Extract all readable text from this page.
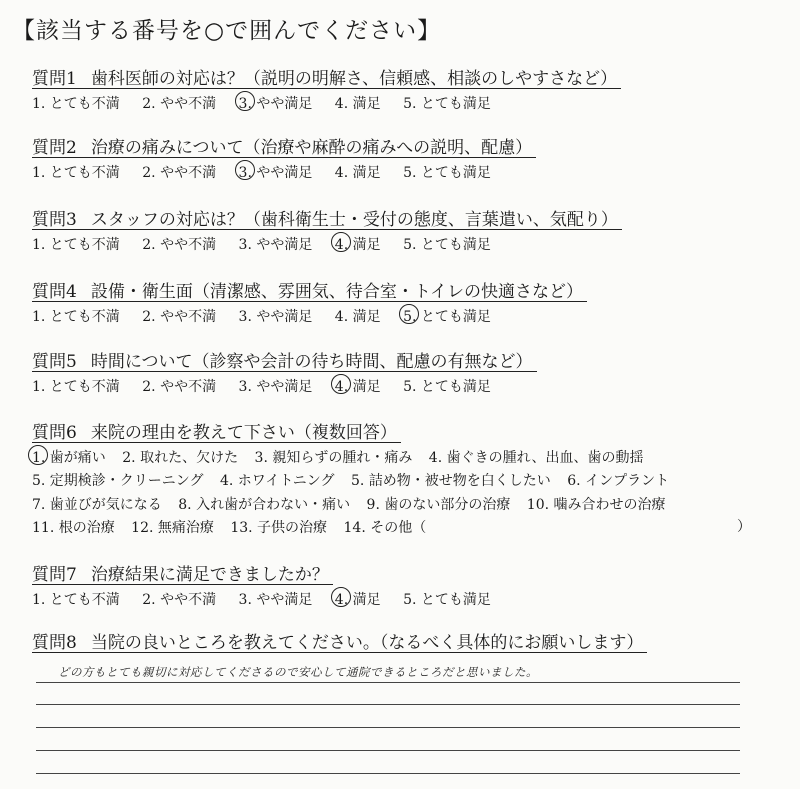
【該当する番号を○で囲んでください】
質問1 歯科医師の対応は？（説明の明解さ、信頼感、相談のしやすさなど）
1. とても不満 2. やや不満 3. やや満足 4. 満足 5. とても満足
質問2 治療の痛みについて（治療や麻酔の痛みへの説明、配慮）
1. とても不満 2. やや不満 3. やや満足 4. 満足 5. とても満足
質問3 スタッフの対応は？（歯科衛生士・受付の態度、言葉遣い、気配り）
1. とても不満 2. やや不満 3. やや満足 4. 満足 5. とても満足
質問4 設備・衛生面（清潔感、雰囲気、待合室・トイレの快適さなど）
1. とても不満 2. やや不満 3. やや満足 4. 満足 5. とても満足
質問5 時間について（診察や会計の待ち時間、配慮の有無など）
1. とても不満 2. やや不満 3. やや満足 4. 満足 5. とても満足
質問6 来院の理由を教えて下さい（複数回答）
1. 歯が痛い 2. 取れた、欠けた 3. 親知らずの腫れ・痛み 4. 歯ぐきの腫れ、出血、歯の動揺
5. 定期検診・クリーニング 4. ホワイトニング 5. 詰め物・被せ物を白くしたい 6. インプラント
7. 歯並びが気になる 8. 入れ歯が合わない・痛い 9. 歯のない部分の治療 10. 噛み合わせの治療
11. 根の治療 12. 無痛治療 13. 子供の治療 14. その他（	）
質問7 治療結果に満足できましたか？
1. とても不満 2. やや不満 3. やや満足 4. 満足 5. とても満足
質問8 当院の良いところを教えてください。（なるべく具体的にお願いします）
どの方もとても親切に対応してくださるので安心して通院できるところだと思いました。
